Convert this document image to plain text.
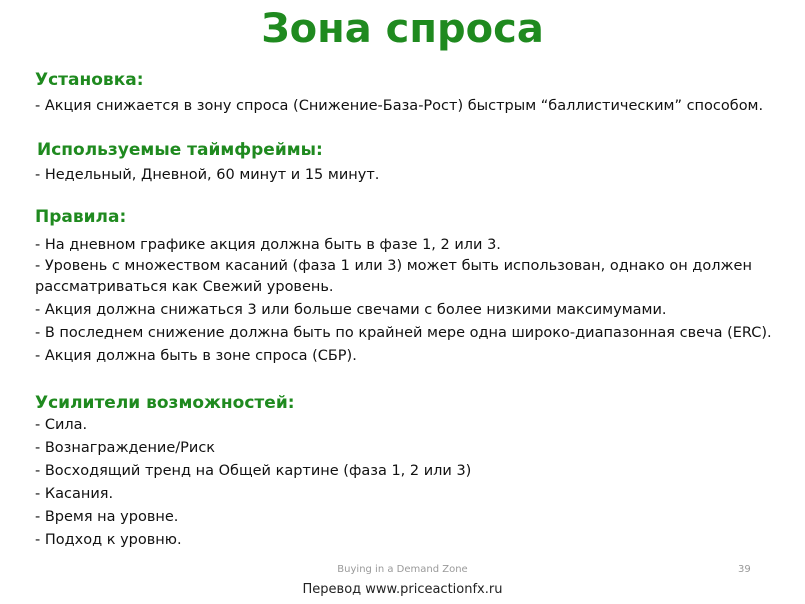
Зона спроса
Установка:
- Акция снижается в зону спроса (Снижение-База-Рост) быстрым “баллистическим” способом.
Используемые таймфреймы:
- Недельный, Дневной, 60 минут и 15 минут.
Правила:
- На дневном графике акция должна быть в фазе 1, 2 или 3.
- Уровень с множеством касаний (фаза 1 или 3) может быть использован, однако он должен
рассматриваться как Свежий уровень.
- Акция должна снижаться 3 или больше свечами с более низкими максимумами.
- В последнем снижение должна быть по крайней мере одна широко-диапазонная свеча (ERC).
- Акция должна быть в зоне спроса (СБР).
Усилители возможностей:
- Сила.
- Вознаграждение/Риск
- Восходящий тренд на Общей картине (фаза 1, 2 или 3)
- Касания.
- Время на уровне.
- Подход к уровню.
Buying in a Demand Zone	39
Перевод www.priceactionfx.ru
